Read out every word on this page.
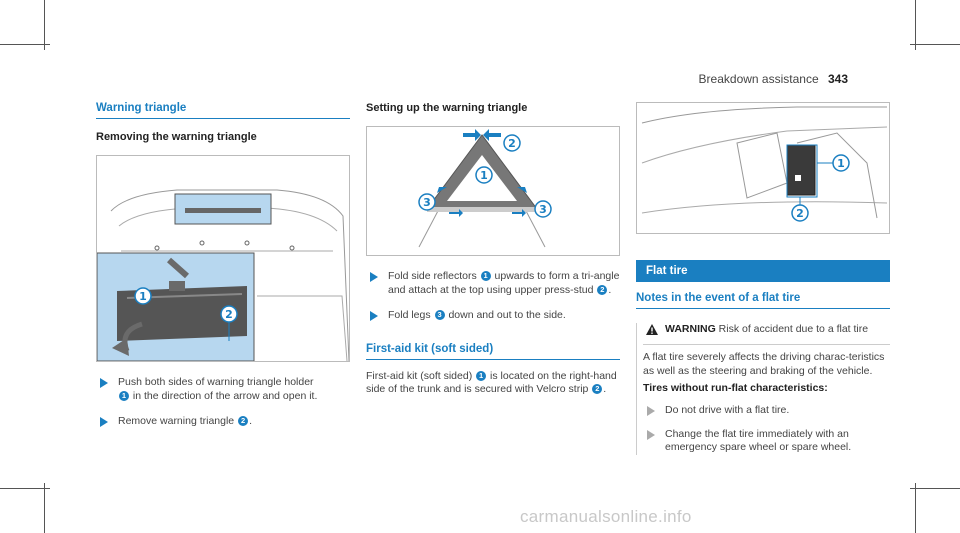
Breakdown assistance 343
Warning triangle
Removing the warning triangle
1
2
Push both sides of warning triangle holder
1 in the direction of the arrow and open it.
Remove warning triangle 2 .
Setting up the warning triangle
2
1
3
3
Fold side reflectors 1 upwards to form a tri-angle and attach at the top using upper press-stud 2 .
Fold legs 3 down and out to the side.
First-aid kit (soft sided)
First-aid kit (soft sided) 1 is located on the right-hand side of the trunk and is secured with Velcro strip 2 .
1
2
Flat tire
Notes in the event of a flat tire
WARNING Risk of accident due to a flat tire
A flat tire severely affects the driving charac-teristics as well as the steering and braking of the vehicle.
Tires without run-flat characteristics:
Do not drive with a flat tire.
Change the flat tire immediately with an emergency spare wheel or spare wheel.
carmanualsonline.info
